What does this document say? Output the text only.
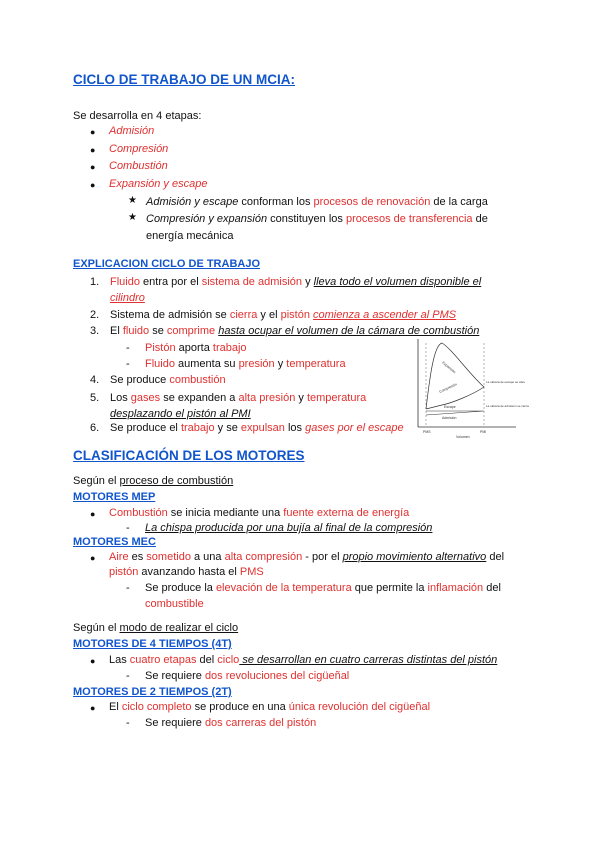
CICLO DE TRABAJO DE UN MCIA:
Se desarrolla en 4 etapas:
● Admisión
● Compresión
● Combustión
● Expansión y escape
★ Admisión y escape conforman los procesos de renovación de la carga
★ Compresión y expansión constituyen los procesos de transferencia de
energía mecánica
EXPLICACION CICLO DE TRABAJO
1. Fluido entra por el sistema de admisión y lleva todo el volumen disponible el
cilindro
2. Sistema de admisión se cierra y el pistón comienza a ascender al PMS
3. El fluido se comprime hasta ocupar el volumen de la cámara de combustión
- Pistón aporta trabajo
- Fluido aumenta su presión y temperatura
4. Se produce combustión
5. Los gases se expanden a alta presión y temperatura
desplazando el pistón al PMI
6. Se produce el trabajo y se expulsan los gases por el escape
Expansión
Compresión
Escape
Admisión
La válvula de escape se abre
La válvula de admisión se cierra
PMS	PMI
Volumen
CLASIFICACIÓN DE LOS MOTORES
Según el proceso de combustión
MOTORES MEP
● Combustión se inicia mediante una fuente externa de energía
- La chispa producida por una bujía al final de la compresión
MOTORES MEC
● Aire es sometido a una alta compresión - por el propio movimiento alternativo del
pistón avanzando hasta el PMS
- Se produce la elevación de la temperatura que permite la inflamación del
combustible
Según el modo de realizar el ciclo
MOTORES DE 4 TIEMPOS (4T)
● Las cuatro etapas del ciclo se desarrollan en cuatro carreras distintas del pistón
- Se requiere dos revoluciones del cigüeñal
MOTORES DE 2 TIEMPOS (2T)
● El ciclo completo se produce en una única revolución del cigüeñal
- Se requiere dos carreras del pistón
